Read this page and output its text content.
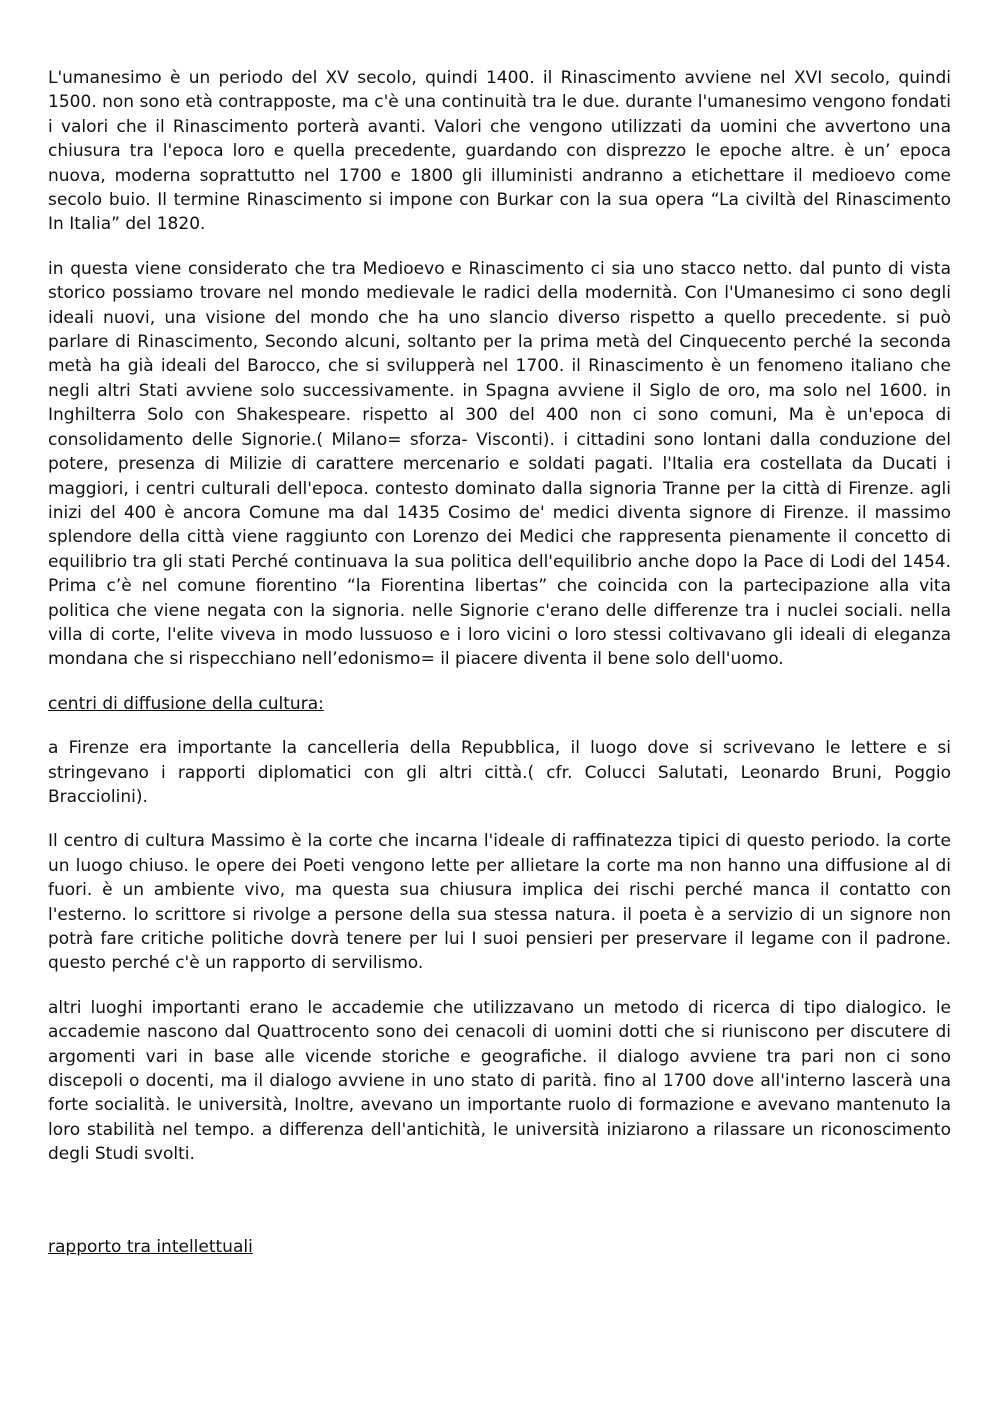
L'umanesimo è un periodo del XV secolo, quindi 1400. il Rinascimento avviene nel XVI secolo, quindi 1500. non sono età contrapposte, ma c'è una continuità tra le due. durante l'umanesimo vengono fondati i valori che il Rinascimento porterà avanti. Valori che vengono utilizzati da uomini che avvertono una chiusura tra l'epoca loro e quella precedente, guardando con disprezzo le epoche altre. è un’ epoca nuova, moderna soprattutto nel 1700 e 1800 gli illuministi andranno a etichettare il medioevo come secolo buio. Il termine Rinascimento si impone con Burkar con la sua opera “La civiltà del Rinascimento In Italia” del 1820.

in questa viene considerato che tra Medioevo e Rinascimento ci sia uno stacco netto. dal punto di vista storico possiamo trovare nel mondo medievale le radici della modernità. Con l'Umanesimo ci sono degli ideali nuovi, una visione del mondo che ha uno slancio diverso rispetto a quello precedente. si può parlare di Rinascimento, Secondo alcuni, soltanto per la prima metà del Cinquecento perché la seconda metà ha già ideali del Barocco, che si svilupperà nel 1700. il Rinascimento è un fenomeno italiano che negli altri Stati avviene solo successivamente. in Spagna avviene il Siglo de oro, ma solo nel 1600. in Inghilterra Solo con Shakespeare. rispetto al 300 del 400 non ci sono comuni, Ma è un'epoca di consolidamento delle Signorie.( Milano= sforza- Visconti). i cittadini sono lontani dalla conduzione del potere, presenza di Milizie di carattere mercenario e soldati pagati. l'Italia era costellata da Ducati i maggiori, i centri culturali dell'epoca. contesto dominato dalla signoria Tranne per la città di Firenze. agli inizi del 400 è ancora Comune ma dal 1435 Cosimo de' medici diventa signore di Firenze. il massimo splendore della città viene raggiunto con Lorenzo dei Medici che rappresenta pienamente il concetto di equilibrio tra gli stati Perché continuava la sua politica dell'equilibrio anche dopo la Pace di Lodi del 1454. Prima c’è nel comune fiorentino “la Fiorentina libertas” che coincida con la partecipazione alla vita politica che viene negata con la signoria. nelle Signorie c'erano delle differenze tra i nuclei sociali. nella villa di corte, l'elite viveva in modo lussuoso e i loro vicini o loro stessi coltivavano gli ideali di eleganza mondana che si rispecchiano nell’edonismo= il piacere diventa il bene solo dell'uomo.

centri di diffusione della cultura:

a Firenze era importante la cancelleria della Repubblica, il luogo dove si scrivevano le lettere e si stringevano i rapporti diplomatici con gli altri città.( cfr. Colucci Salutati, Leonardo Bruni, Poggio Bracciolini).

Il centro di cultura Massimo è la corte che incarna l'ideale di raffinatezza tipici di questo periodo. la corte un luogo chiuso. le opere dei Poeti vengono lette per allietare la corte ma non hanno una diffusione al di fuori. è un ambiente vivo, ma questa sua chiusura implica dei rischi perché manca il contatto con l'esterno. lo scrittore si rivolge a persone della sua stessa natura. il poeta è a servizio di un signore non potrà fare critiche politiche dovrà tenere per lui I suoi pensieri per preservare il legame con il padrone. questo perché c'è un rapporto di servilismo.

altri luoghi importanti erano le accademie che utilizzavano un metodo di ricerca di tipo dialogico. le accademie nascono dal Quattrocento sono dei cenacoli di uomini dotti che si riuniscono per discutere di argomenti vari in base alle vicende storiche e geografiche. il dialogo avviene tra pari non ci sono discepoli o docenti, ma il dialogo avviene in uno stato di parità. fino al 1700 dove all'interno lascerà una forte socialità. le università, Inoltre, avevano un importante ruolo di formazione e avevano mantenuto la loro stabilità nel tempo. a differenza dell'antichità, le università iniziarono a rilassare un riconoscimento degli Studi svolti.

rapporto tra intellettuali
